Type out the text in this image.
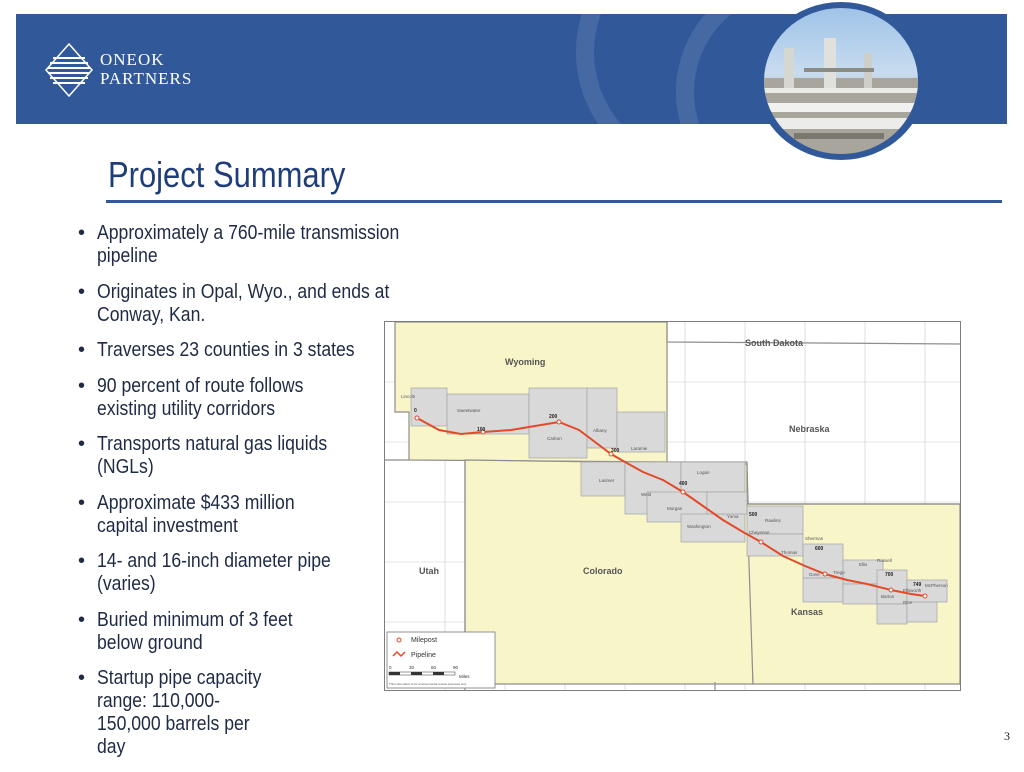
ONEOK
PARTNERS
Project Summary
• Approximately a 760-mile transmission pipeline
• Originates in Opal, Wyo., and ends at Conway, Kan.
• Traverses 23 counties in 3 states
• 90 percent of route follows existing utility corridors
• Transports natural gas liquids (NGLs)
• Approximate $433 million capital investment
• 14- and 16-inch diameter pipe (varies)
• Buried minimum of 3 feet below ground
• Startup pipe capacity range: 110,000-150,000 barrels per day
Wyoming
South Dakota
Nebraska
Utah	Colorado
Kansas
Lincoln
Sweetwater
Carbon
Albany
Laramie
Larimer
Weld
Logan
Morgan
Washington
Yuma
Rawlins
Cheyenne
Sherman
Thomas
Gove	Trego
Ellis
Russell
Ellsworth
McPherson
Barton
Rice
0
100
200
300
400
500
600
700
749
Milepost
Pipeline
0	30	60	90
Miles
This information is for environmental review purposes only
3
